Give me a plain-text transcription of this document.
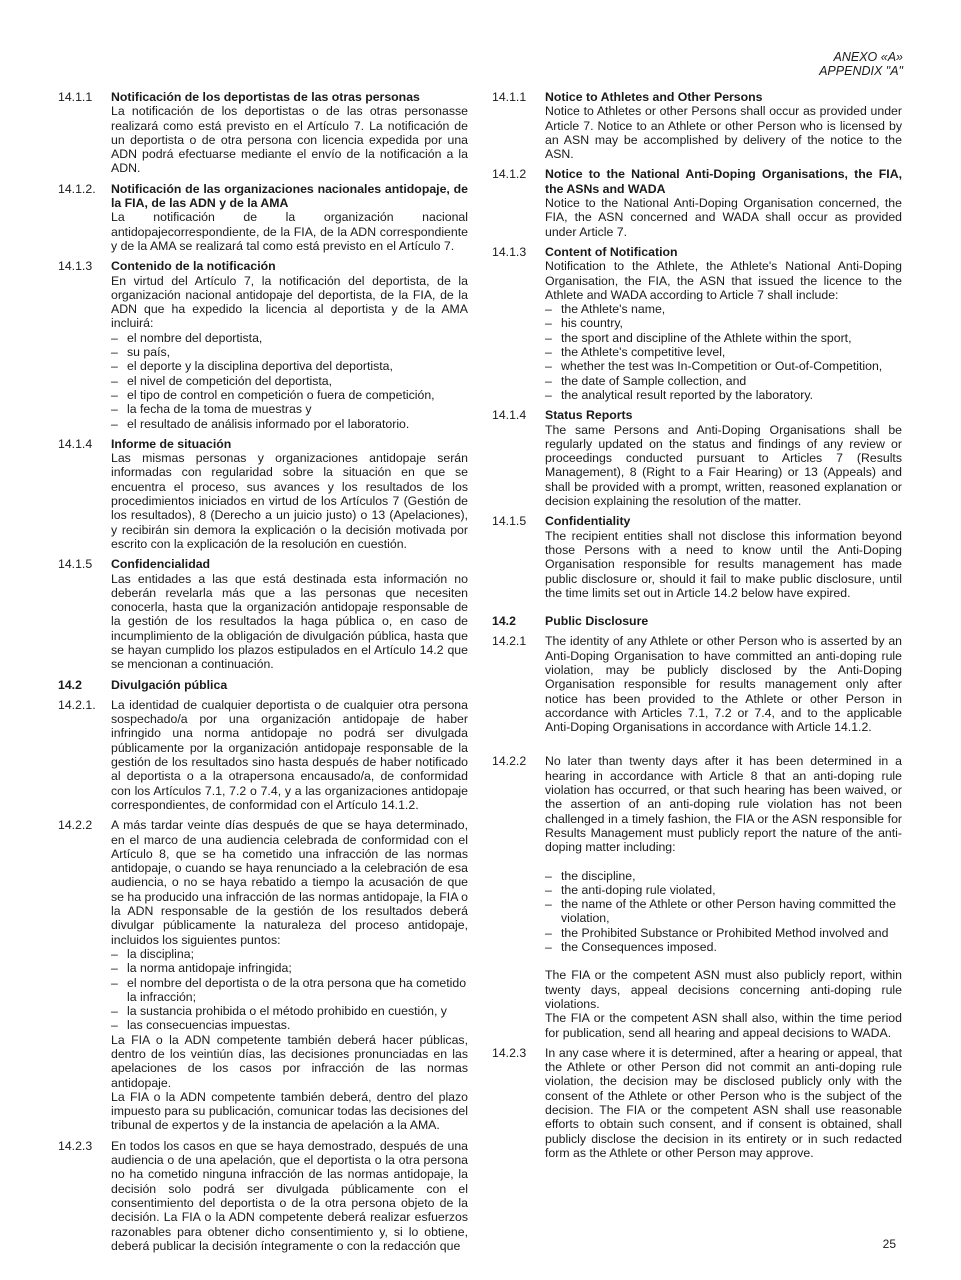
ANEXO «A»
APPENDIX "A"
14.1.1	Notificación de los deportistas de las otras personas
La notificación de los deportistas o de las otras personasse realizará como está previsto en el Artículo 7. La notificación de un deportista o de otra persona con licencia expedida por una ADN podrá efectuarse mediante el envío de la notificación a la ADN.
14.1.2.	Notificación de las organizaciones nacionales antidopaje, de la FIA, de las ADN y de la AMA
La notificación de la organización nacional antidopajecorrespondiente, de la FIA, de la ADN correspondiente y de la AMA se realizará tal como está previsto en el Artículo 7.
14.1.3	Contenido de la notificación
En virtud del Artículo 7, la notificación del deportista, de la organización nacional antidopaje del deportista, de la FIA, de la ADN que ha expedido la licencia al deportista y de la AMA incluirá:
– el nombre del deportista,
– su país,
– el deporte y la disciplina deportiva del deportista,
– el nivel de competición del deportista,
– el tipo de control en competición o fuera de competición,
– la fecha de la toma de muestras y
– el resultado de análisis informado por el laboratorio.
14.1.4	Informe de situación
Las mismas personas y organizaciones antidopaje serán informadas con regularidad sobre la situación en que se encuentra el proceso, sus avances y los resultados de los procedimientos iniciados en virtud de los Artículos 7 (Gestión de los resultados), 8 (Derecho a un juicio justo) o 13 (Apelaciones), y recibirán sin demora la explicación o la decisión motivada por escrito con la explicación de la resolución en cuestión.
14.1.5	Confidencialidad
Las entidades a las que está destinada esta información no deberán revelarla más que a las personas que necesiten conocerla, hasta que la organización antidopaje responsable de la gestión de los resultados la haga pública o, en caso de incumplimiento de la obligación de divulgación pública, hasta que se hayan cumplido los plazos estipulados en el Artículo 14.2 que se mencionan a continuación.
14.2	Divulgación pública
14.2.1.	La identidad de cualquier deportista o de cualquier otra persona sospechado/a por una organización antidopaje de haber infringido una norma antidopaje no podrá ser divulgada públicamente por la organización antidopaje responsable de la gestión de los resultados sino hasta después de haber notificado al deportista o a la otrapersona encausado/a, de conformidad con los Artículos 7.1, 7.2 o 7.4, y a las organizaciones antidopaje correspondientes, de conformidad con el Artículo 14.1.2.
14.2.2	A más tardar veinte días después de que se haya determinado, en el marco de una audiencia celebrada de conformidad con el Artículo 8, que se ha cometido una infracción de las normas antidopaje, o cuando se haya renunciado a la celebración de esa audiencia, o no se haya rebatido a tiempo la acusación de que se ha producido una infracción de las normas antidopaje, la FIA o la ADN responsable de la gestión de los resultados deberá divulgar públicamente la naturaleza del proceso antidopaje, incluidos los siguientes puntos:
– la disciplina;
– la norma antidopaje infringida;
– el nombre del deportista o de la otra persona que ha cometido la infracción;
– la sustancia prohibida o el método prohibido en cuestión, y
– las consecuencias impuestas.
La FIA o la ADN competente también deberá hacer públicas, dentro de los veintiún días, las decisiones pronunciadas en las apelaciones de los casos por infracción de las normas antidopaje.
La FIA o la ADN competente también deberá, dentro del plazo impuesto para su publicación, comunicar todas las decisiones del tribunal de expertos y de la instancia de apelación a la AMA.
14.2.3	En todos los casos en que se haya demostrado, después de una audiencia o de una apelación, que el deportista o la otra persona no ha cometido ninguna infracción de las normas antidopaje, la decisión solo podrá ser divulgada públicamente con el consentimiento del deportista o de la otra persona objeto de la decisión. La FIA o la ADN competente deberá realizar esfuerzos razonables para obtener dicho consentimiento y, si lo obtiene, deberá publicar la decisión íntegramente o con la redacción que
14.1.1	Notice to Athletes and Other Persons
Notice to Athletes or other Persons shall occur as provided under Article 7. Notice to an Athlete or other Person who is licensed by an ASN may be accomplished by delivery of the notice to the ASN.
14.1.2	Notice to the National Anti-Doping Organisations, the FIA, the ASNs and WADA
Notice to the National Anti-Doping Organisation concerned, the FIA, the ASN concerned and WADA shall occur as provided under Article 7.
14.1.3	Content of Notification
Notification to the Athlete, the Athlete's National Anti-Doping Organisation, the FIA, the ASN that issued the licence to the Athlete and WADA according to Article 7 shall include:
– the Athlete's name,
– his country,
– the sport and discipline of the Athlete within the sport,
– the Athlete's competitive level,
– whether the test was In-Competition or Out-of-Competition,
– the date of Sample collection, and
– the analytical result reported by the laboratory.
14.1.4	Status Reports
The same Persons and Anti-Doping Organisations shall be regularly updated on the status and findings of any review or proceedings conducted pursuant to Articles 7 (Results Management), 8 (Right to a Fair Hearing) or 13 (Appeals) and shall be provided with a prompt, written, reasoned explanation or decision explaining the resolution of the matter.
14.1.5	Confidentiality
The recipient entities shall not disclose this information beyond those Persons with a need to know until the Anti-Doping Organisation responsible for results management has made public disclosure or, should it fail to make public disclosure, until the time limits set out in Article 14.2 below have expired.
14.2	Public Disclosure
14.2.1	The identity of any Athlete or other Person who is asserted by an Anti-Doping Organisation to have committed an anti-doping rule violation, may be publicly disclosed by the Anti-Doping Organisation responsible for results management only after notice has been provided to the Athlete or other Person in accordance with Articles 7.1, 7.2 or 7.4, and to the applicable Anti-Doping Organisations in accordance with Article 14.1.2.
14.2.2	No later than twenty days after it has been determined in a hearing in accordance with Article 8 that an anti-doping rule violation has occurred, or that such hearing has been waived, or the assertion of an anti-doping rule violation has not been challenged in a timely fashion, the FIA or the ASN responsible for Results Management must publicly report the nature of the anti-doping matter including:
– the discipline,
– the anti-doping rule violated,
– the name of the Athlete or other Person having committed the violation,
– the Prohibited Substance or Prohibited Method involved and
– the Consequences imposed.
The FIA or the competent ASN must also publicly report, within twenty days, appeal decisions concerning anti-doping rule violations.
The FIA or the competent ASN shall also, within the time period for publication, send all hearing and appeal decisions to WADA.
14.2.3	In any case where it is determined, after a hearing or appeal, that the Athlete or other Person did not commit an anti-doping rule violation, the decision may be disclosed publicly only with the consent of the Athlete or other Person who is the subject of the decision. The FIA or the competent ASN shall use reasonable efforts to obtain such consent, and if consent is obtained, shall publicly disclose the decision in its entirety or in such redacted form as the Athlete or other Person may approve.
25
